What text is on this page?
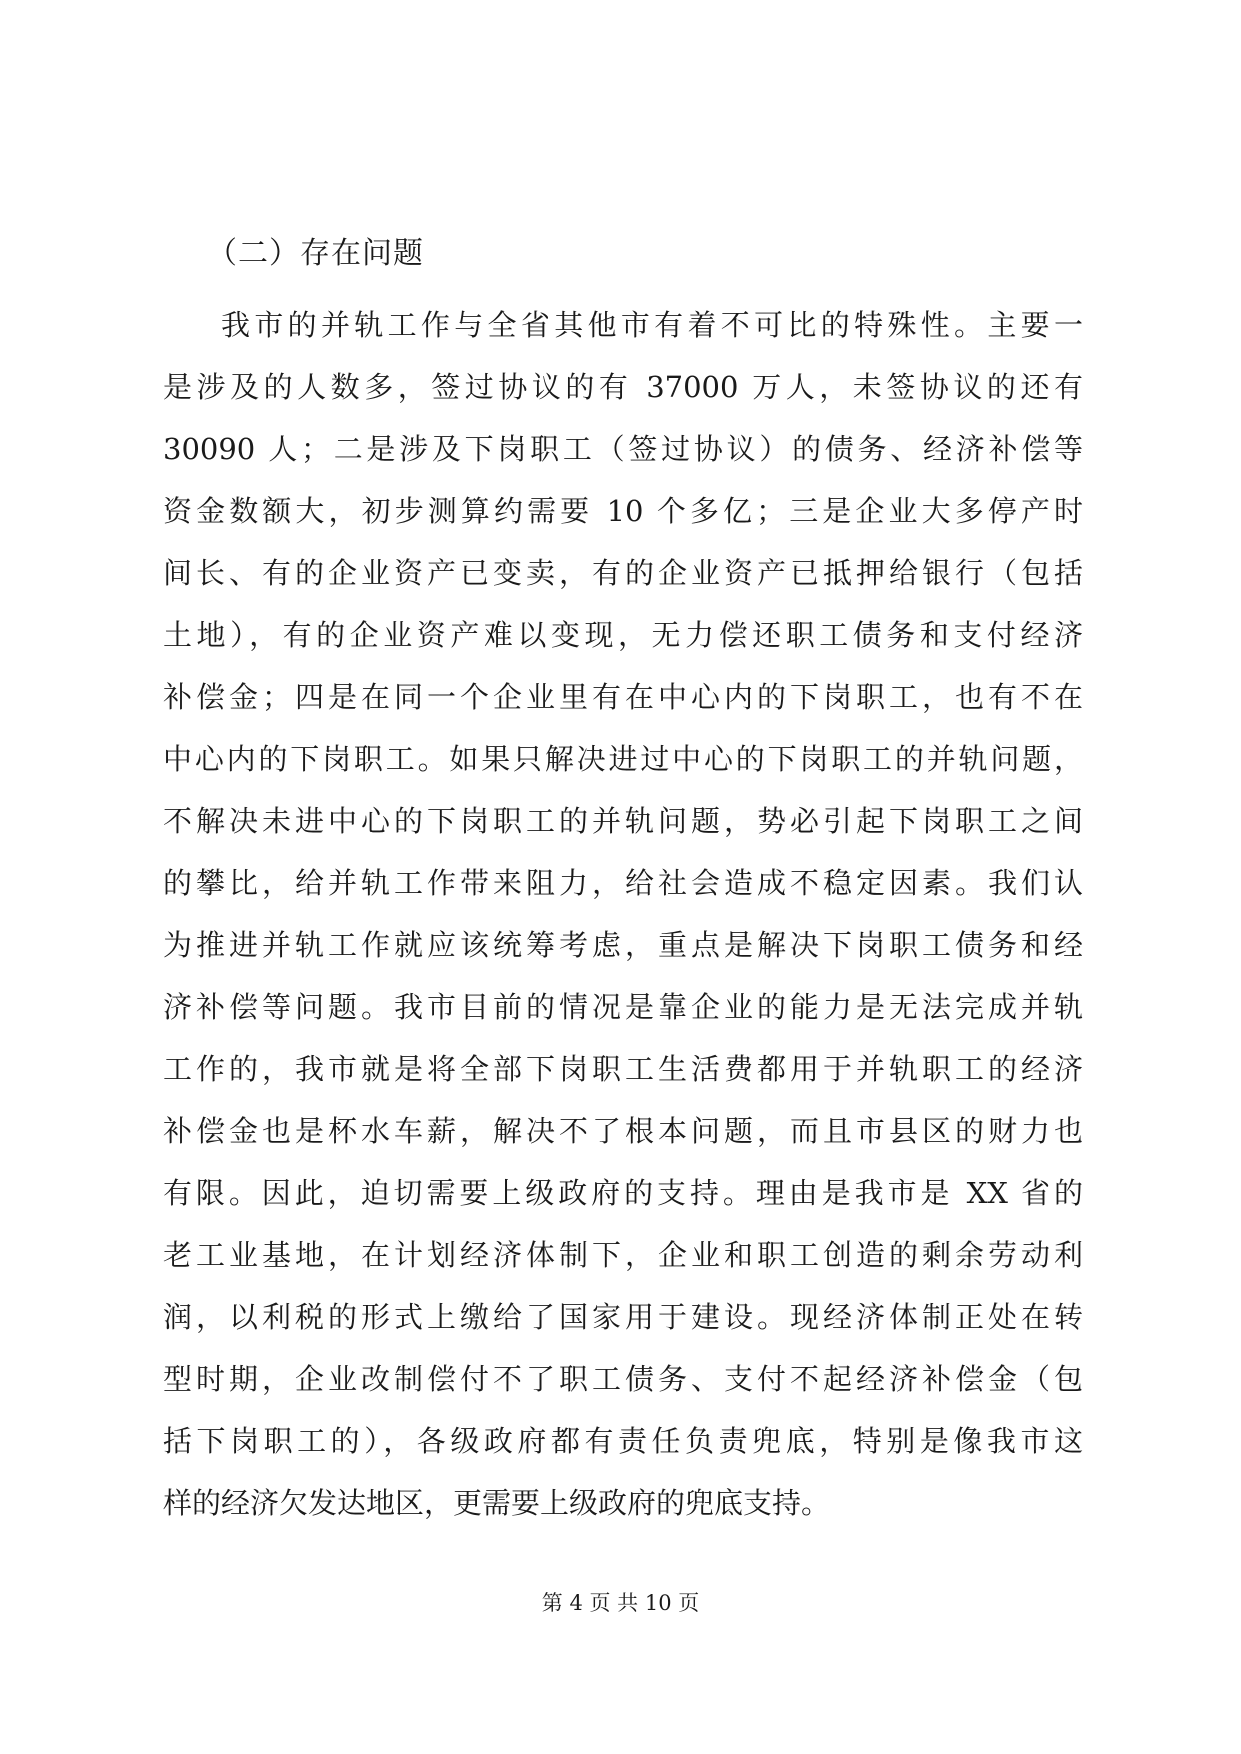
（二）存在问题
我市的并轨工作与全省其他市有着不可比的特殊性。主要一
是涉及的人数多，签过协议的有 37000 万人，未签协议的还有
30090 人；二是涉及下岗职工（签过协议）的债务、经济补偿等
资金数额大，初步测算约需要 10 个多亿；三是企业大多停产时
间长、有的企业资产已变卖，有的企业资产已抵押给银行（包括
土地），有的企业资产难以变现，无力偿还职工债务和支付经济
补偿金；四是在同一个企业里有在中心内的下岗职工，也有不在
中心内的下岗职工。如果只解决进过中心的下岗职工的并轨问题，
不解决未进中心的下岗职工的并轨问题，势必引起下岗职工之间
的攀比，给并轨工作带来阻力，给社会造成不稳定因素。我们认
为推进并轨工作就应该统筹考虑，重点是解决下岗职工债务和经
济补偿等问题。我市目前的情况是靠企业的能力是无法完成并轨
工作的，我市就是将全部下岗职工生活费都用于并轨职工的经济
补偿金也是杯水车薪，解决不了根本问题，而且市县区的财力也
有限。因此，迫切需要上级政府的支持。理由是我市是 XX 省的
老工业基地，在计划经济体制下，企业和职工创造的剩余劳动利
润，以利税的形式上缴给了国家用于建设。现经济体制正处在转
型时期，企业改制偿付不了职工债务、支付不起经济补偿金（包
括下岗职工的），各级政府都有责任负责兜底，特别是像我市这
样的经济欠发达地区，更需要上级政府的兜底支持。
第 4 页 共 10 页
